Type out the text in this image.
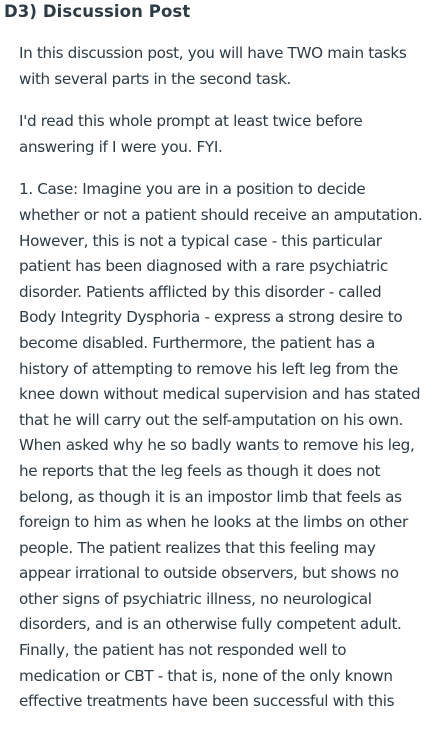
D3) Discussion Post

In this discussion post, you will have TWO main tasks
with several parts in the second task.

I'd read this whole prompt at least twice before
answering if I were you. FYI.

1. Case: Imagine you are in a position to decide
whether or not a patient should receive an amputation.
However, this is not a typical case - this particular
patient has been diagnosed with a rare psychiatric
disorder. Patients afflicted by this disorder - called
Body Integrity Dysphoria - express a strong desire to
become disabled. Furthermore, the patient has a
history of attempting to remove his left leg from the
knee down without medical supervision and has stated
that he will carry out the self-amputation on his own.
When asked why he so badly wants to remove his leg,
he reports that the leg feels as though it does not
belong, as though it is an impostor limb that feels as
foreign to him as when he looks at the limbs on other
people. The patient realizes that this feeling may
appear irrational to outside observers, but shows no
other signs of psychiatric illness, no neurological
disorders, and is an otherwise fully competent adult.
Finally, the patient has not responded well to
medication or CBT - that is, none of the only known
effective treatments have been successful with this
